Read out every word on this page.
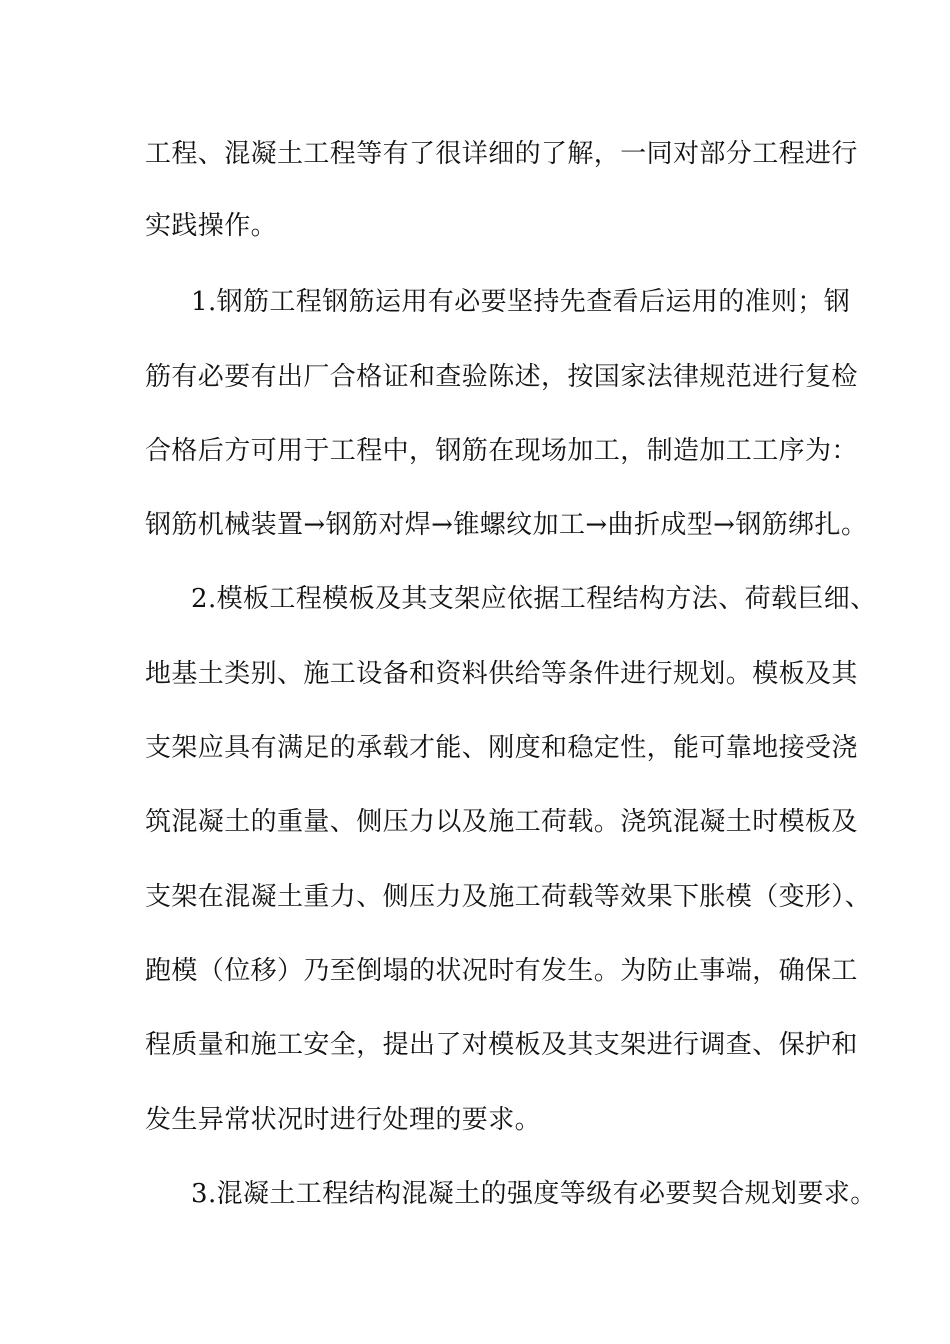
工程、混凝土工程等有了很详细的了解，一同对部分工程进行
实践操作。
1.钢筋工程钢筋运用有必要坚持先查看后运用的准则；钢
筋有必要有出厂合格证和查验陈述，按国家法律规范进行复检
合格后方可用于工程中，钢筋在现场加工，制造加工工序为：
钢筋机械装置→钢筋对焊→锥螺纹加工→曲折成型→钢筋绑扎。
2.模板工程模板及其支架应依据工程结构方法、荷载巨细、
地基土类别、施工设备和资料供给等条件进行规划。模板及其
支架应具有满足的承载才能、刚度和稳定性，能可靠地接受浇
筑混凝土的重量、侧压力以及施工荷载。浇筑混凝土时模板及
支架在混凝土重力、侧压力及施工荷载等效果下胀模（变形）、
跑模（位移）乃至倒塌的状况时有发生。为防止事端，确保工
程质量和施工安全，提出了对模板及其支架进行调查、保护和
发生异常状况时进行处理的要求。
3.混凝土工程结构混凝土的强度等级有必要契合规划要求。
